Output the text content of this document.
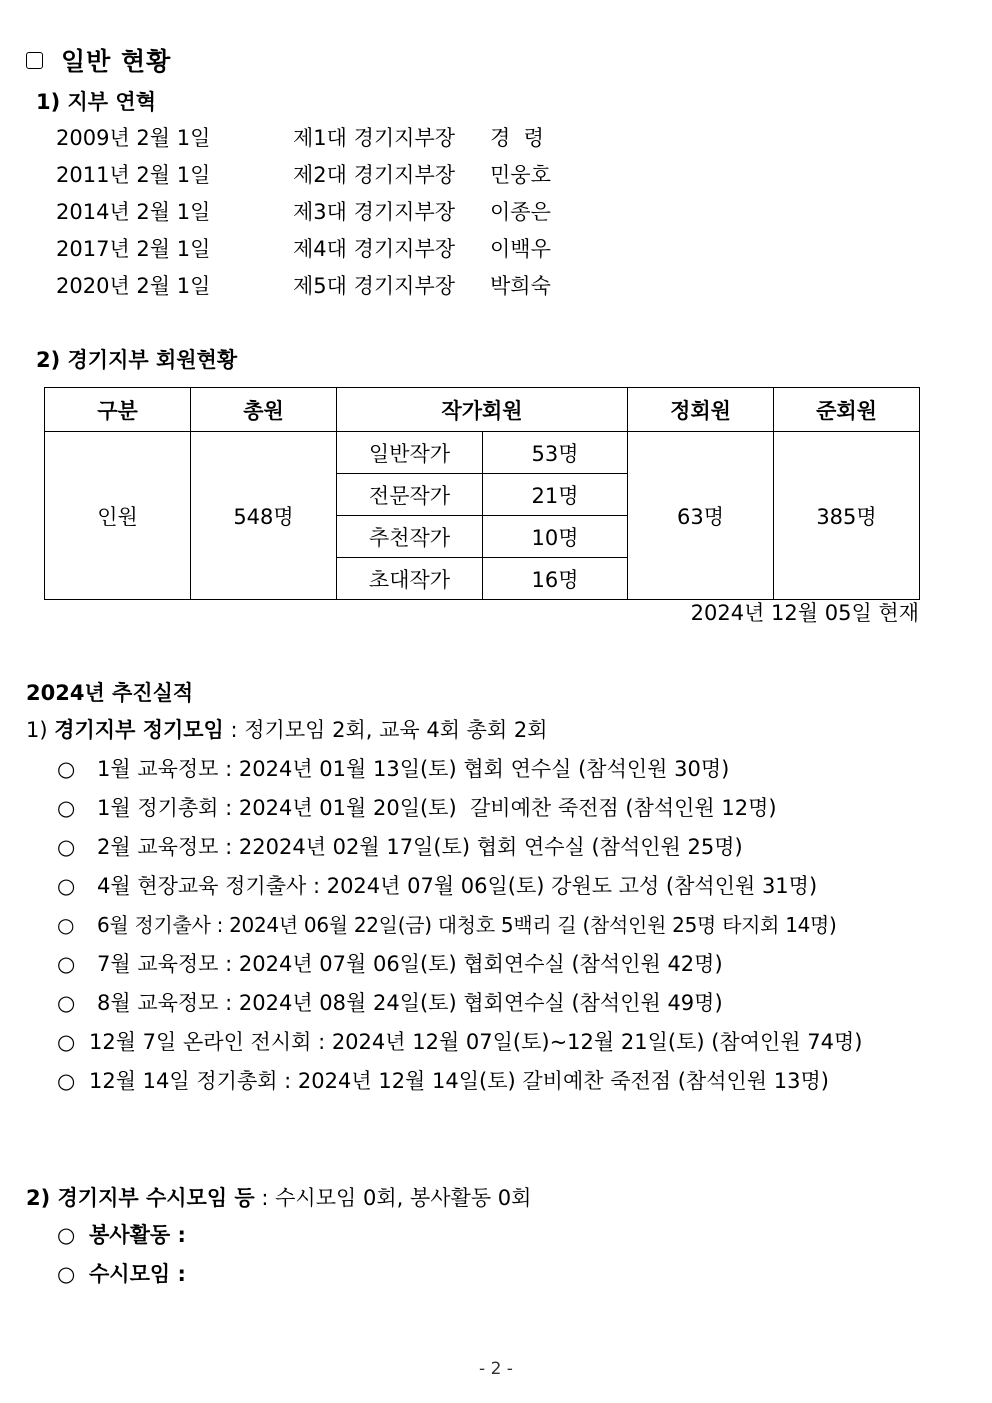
일반 현황
1) 지부 연혁
2009년 2월 1일	제1대 경기지부장 경  령
2011년 2월 1일	제2대 경기지부장 민웅호
2014년 2월 1일	제3대 경기지부장 이종은
2017년 2월 1일	제4대 경기지부장 이백우
2020년 2월 1일	제5대 경기지부장 박희숙
2) 경기지부 회원현황
구분	총원	작가회원		정회원	준회원
인원	548명	일반작가	53명	63명	385명
		전문작가	21명		
		추천작가	10명		
		초대작가	16명		
2024년 12월 05일 현재
2024년 추진실적
1) 경기지부 정기모임 : 정기모임 2회, 교육 4회 총회 2회
○ 1월 교육정모 : 2024년 01월 13일(토) 협회 연수실 (참석인원 30명)
○ 1월 정기총회 : 2024년 01월 20일(토)  갈비예찬 죽전점 (참석인원 12명)
○ 2월 교육정모 : 22024년 02월 17일(토) 협회 연수실 (참석인원 25명)
○ 4월 현장교육 정기출사 : 2024년 07월 06일(토) 강원도 고성 (참석인원 31명)
○ 6월 정기출사 : 2024년 06월 22일(금) 대청호 5백리 길 (참석인원 25명 타지회 14명)
○ 7월 교육정모 : 2024년 07월 06일(토) 협회연수실 (참석인원 42명)
○ 8월 교육정모 : 2024년 08월 24일(토) 협회연수실 (참석인원 49명)
○ 12월 7일 온라인 전시회 : 2024년 12월 07일(토)~12월 21일(토) (참여인원 74명)
○ 12월 14일 정기총회 : 2024년 12월 14일(토) 갈비예찬 죽전점 (참석인원 13명)
2) 경기지부 수시모임 등 : 수시모임 0회, 봉사활동 0회
○ 봉사활동 :
○ 수시모임 :
- 2 -
